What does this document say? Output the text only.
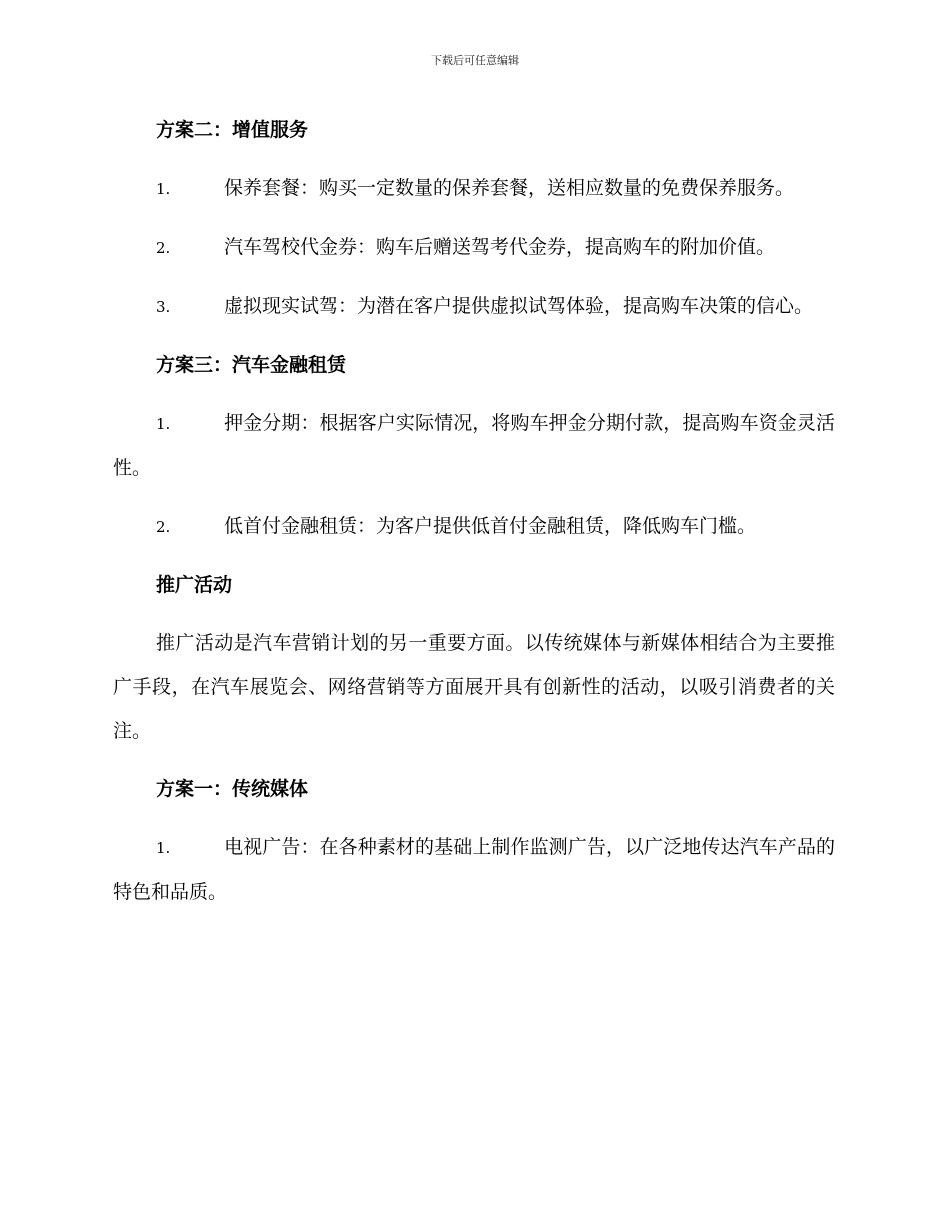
下载后可任意编辑
方案二：增值服务

1.	保养套餐：购买一定数量的保养套餐，送相应数量的免费保养服务。

2.	汽车驾校代金券：购车后赠送驾考代金券，提高购车的附加价值。

3.	虚拟现实试驾：为潜在客户提供虚拟试驾体验，提高购车决策的信心。

方案三：汽车金融租赁

1.	押金分期：根据客户实际情况，将购车押金分期付款，提高购车资金灵活性。

2.	低首付金融租赁：为客户提供低首付金融租赁，降低购车门槛。

推广活动

推广活动是汽车营销计划的另一重要方面。以传统媒体与新媒体相结合为主要推广手段，在汽车展览会、网络营销等方面展开具有创新性的活动，以吸引消费者的关注。

方案一：传统媒体

1.	电视广告：在各种素材的基础上制作监测广告，以广泛地传达汽车产品的特色和品质。
